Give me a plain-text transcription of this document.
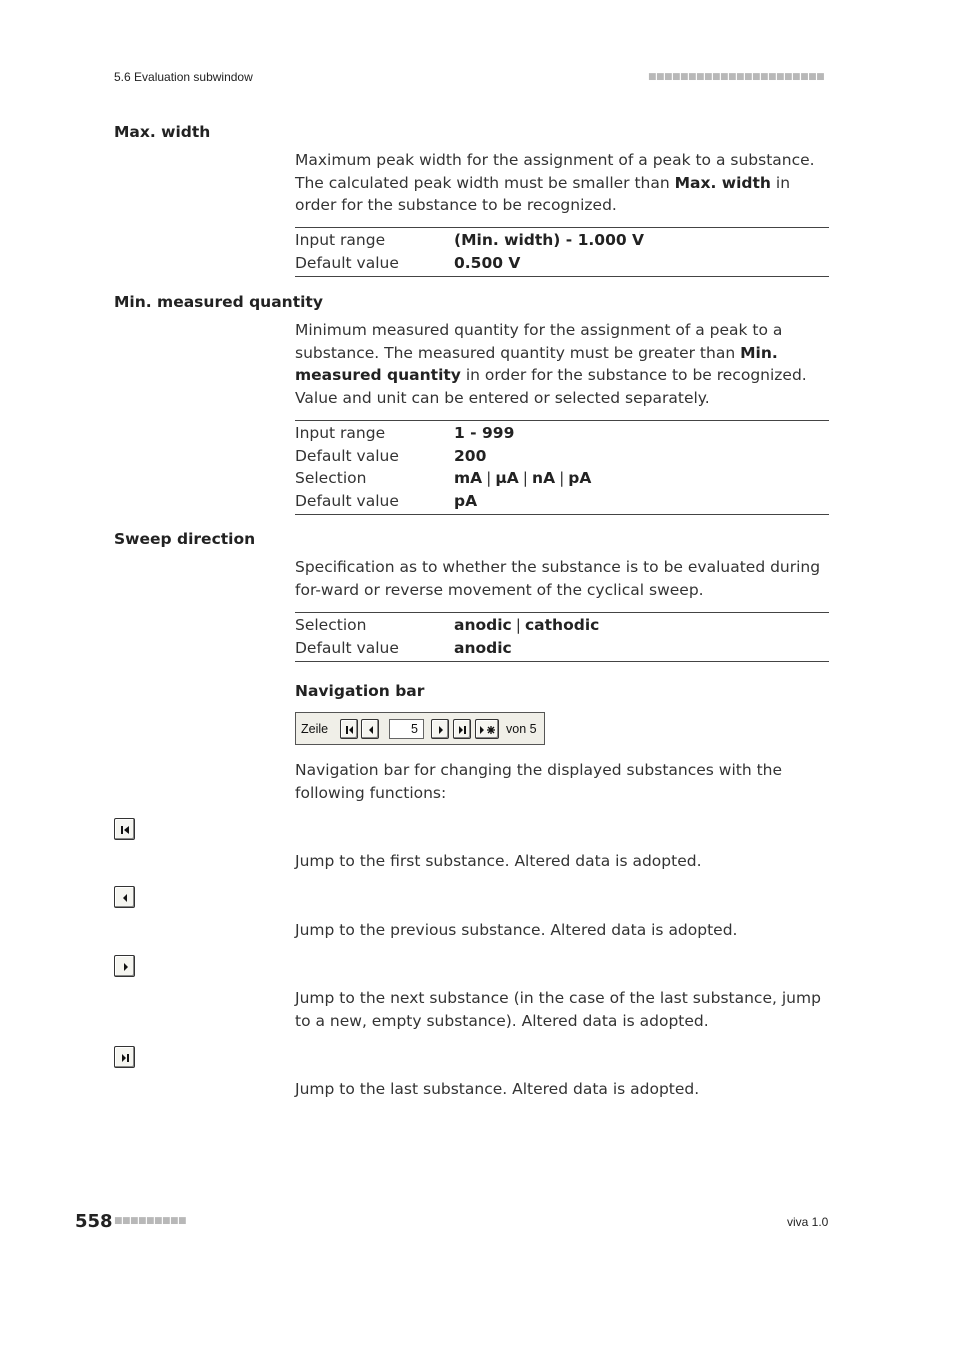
5.6 Evaluation subwindow	■■■■■■■■■■■■■■■■■■■■■■
Max. width
Maximum peak width for the assignment of a peak to a substance. The calculated peak width must be smaller than Max. width in order for the substance to be recognized.
Input range	(Min. width) - 1.000 V
Default value	0.500 V
Min. measured quantity
Minimum measured quantity for the assignment of a peak to a substance. The measured quantity must be greater than Min. measured quantity in order for the substance to be recognized. Value and unit can be entered or selected separately.
Input range	1 - 999
Default value	200
Selection	mA | µA | nA | pA
Default value	pA
Sweep direction
Specification as to whether the substance is to be evaluated during for-ward or reverse movement of the cyclical sweep.
Selection	anodic | cathodic
Default value	anodic
Navigation bar
Zeile	5	von 5
Navigation bar for changing the displayed substances with the following functions:
Jump to the first substance. Altered data is adopted.
Jump to the previous substance. Altered data is adopted.
Jump to the next substance (in the case of the last substance, jump to a new, empty substance). Altered data is adopted.
Jump to the last substance. Altered data is adopted.
558 ■■■■■■■■■	viva 1.0
